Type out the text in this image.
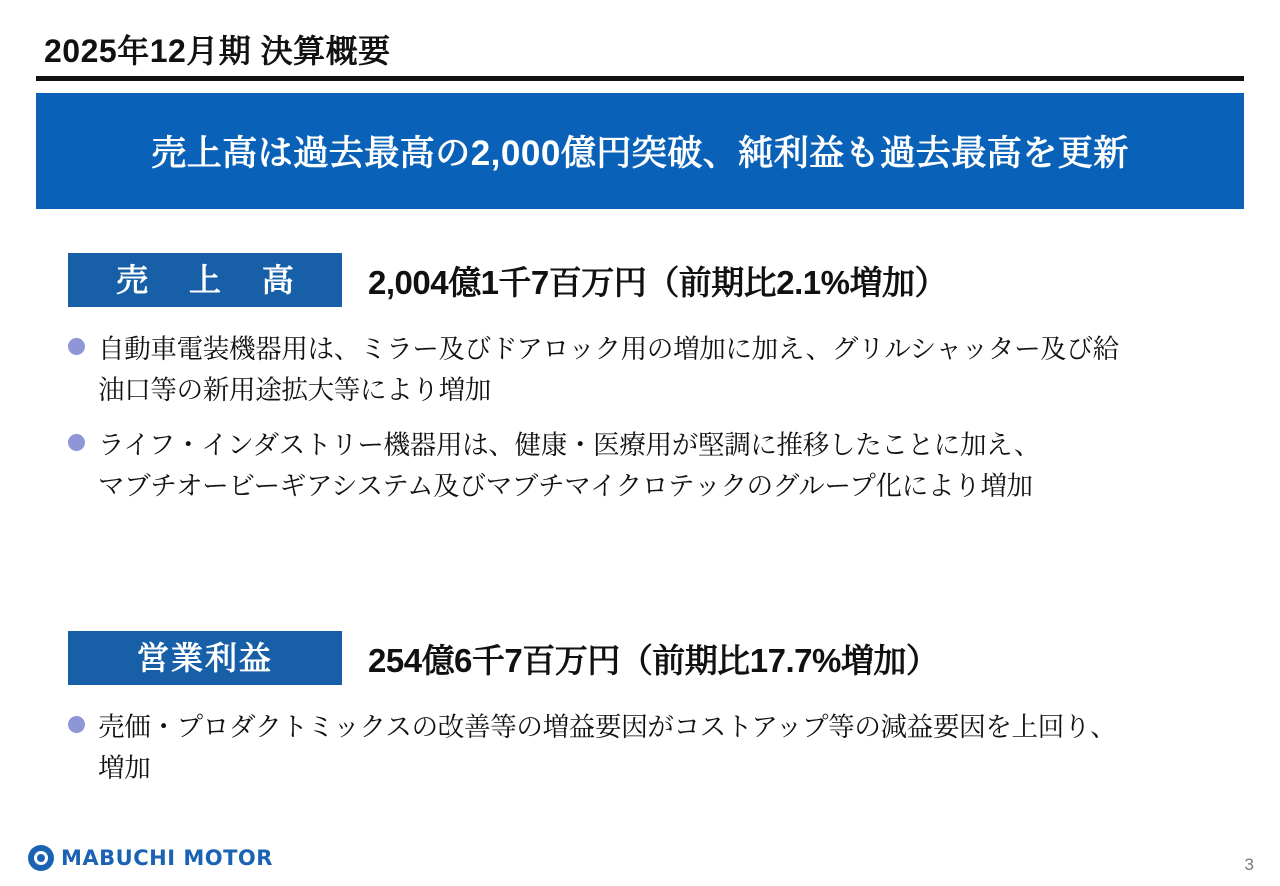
2025年12月期 決算概要
売上高は過去最高の2,000億円突破、純利益も過去最高を更新
売 上 高	2,004億1千7百万円（前期比2.1%増加）
自動車電装機器用は、ミラー及びドアロック用の増加に加え、グリルシャッター及び給
油口等の新用途拡大等により増加
ライフ・インダストリー機器用は、健康・医療用が堅調に推移したことに加え、
マブチオービーギアシステム及びマブチマイクロテックのグループ化により増加
営業利益	254億6千7百万円（前期比17.7%増加）
売価・プロダクトミックスの改善等の増益要因がコストアップ等の減益要因を上回り、
増加
MABUCHI MOTOR	3
